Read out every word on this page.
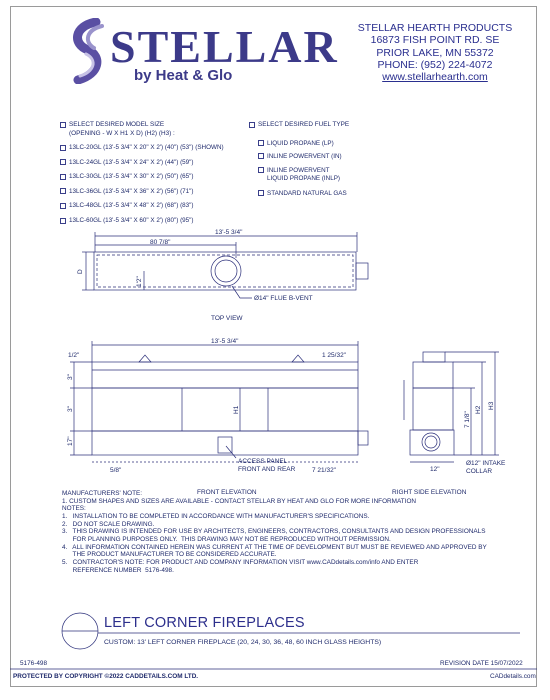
STELLAR
by Heat & Glo
STELLAR HEARTH PRODUCTS
16873 FISH POINT RD. SE
PRIOR LAKE, MN 55372
PHONE: (952) 224-4072
www.stellarhearth.com
SELECT DESIRED MODEL SIZE
(OPENING - W X H1 X D) (H2) (H3) :
13LC-20GL (13'-5 3/4" X 20" X 2') (40") (53") (SHOWN)
13LC-24GL (13'-5 3/4" X 24" X 2') (44") (59")
13LC-30GL (13'-5 3/4" X 30" X 2') (50") (65")
13LC-36GL (13'-5 3/4" X 36" X 2') (56") (71")
13LC-48GL (13'-5 3/4" X 48" X 2') (68") (83")
13LC-60GL (13'-5 3/4" X 60" X 2') (80") (95")
SELECT DESIRED FUEL TYPE
LIQUID PROPANE (LP)
INLINE POWERVENT (IN)
INLINE POWERVENT
LIQUID PROPANE (INLP)
STANDARD NATURAL GAS
13'-5 3/4"
80 7/8"
D
1'2"
Ø14" FLUE B-VENT
TOP VIEW
13'-5 3/4"
1/2"	1 25/32"
3"
3"
17"
H1
5/8"	7 21/32"
ACCESS PANEL
FRONT AND REAR
FRONT ELEVATION
7 1/8"
H2 H3
12"
Ø12" INTAKE
COLLAR
RIGHT SIDE ELEVATION
MANUFACTURERS' NOTE:
1. CUSTOM SHAPES AND SIZES ARE AVAILABLE - CONTACT STELLAR BY HEAT AND GLO FOR MORE INFORMATION
NOTES:
1.   INSTALLATION TO BE COMPLETED IN ACCORDANCE WITH MANUFACTURER'S SPECIFICATIONS.
2.   DO NOT SCALE DRAWING.
3.   THIS DRAWING IS INTENDED FOR USE BY ARCHITECTS, ENGINEERS, CONTRACTORS, CONSULTANTS AND DESIGN PROFESSIONALS
FOR PLANNING PURPOSES ONLY.  THIS DRAWING MAY NOT BE REPRODUCED WITHOUT PERMISSION.
4.   ALL INFORMATION CONTAINED HEREIN WAS CURRENT AT THE TIME OF DEVELOPMENT BUT MUST BE REVIEWED AND APPROVED BY
THE PRODUCT MANUFACTURER TO BE CONSIDERED ACCURATE.
5.   CONTRACTOR'S NOTE: FOR PRODUCT AND COMPANY INFORMATION VISIT www.CADdetails.com/info AND ENTER
REFERENCE NUMBER  5176-498.
LEFT CORNER FIREPLACES
CUSTOM: 13' LEFT CORNER FIREPLACE (20, 24, 30, 36, 48, 60 INCH GLASS HEIGHTS)
5176-498	REVISION DATE 15/07/2022
PROTECTED BY COPYRIGHT ©2022 CADDETAILS.COM LTD.	CADdetails.com
